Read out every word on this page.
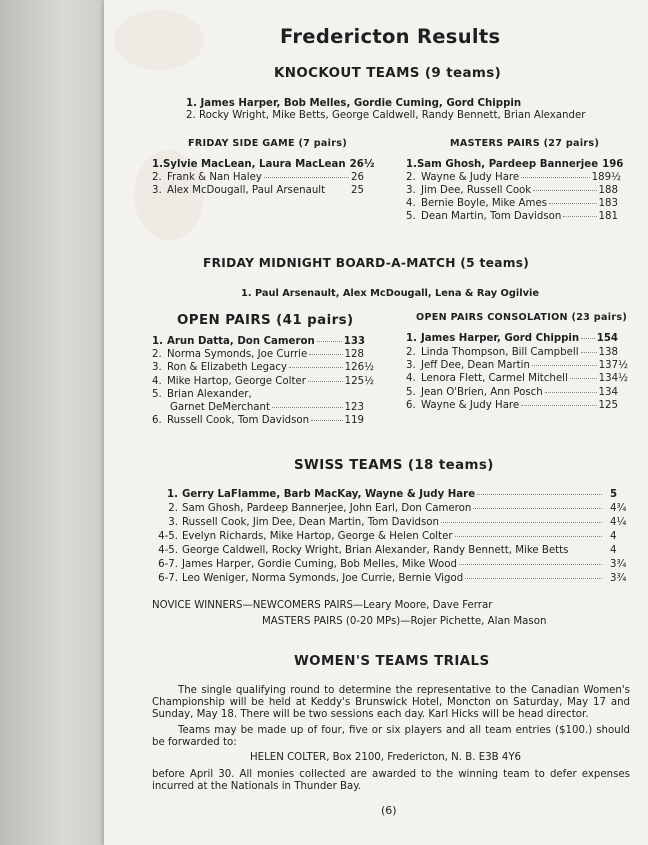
Fredericton Results
KNOCKOUT TEAMS (9 teams)
1. James Harper, Bob Melles, Gordie Cuming, Gord Chippin
2. Rocky Wright, Mike Betts, George Caldwell, Randy Bennett, Brian Alexander
FRIDAY SIDE GAME (7 pairs)
1. Sylvie MacLean, Laura MacLean 26½
2. Frank & Nan Haley	26
3. Alex McDougall, Paul Arsenault	25
MASTERS PAIRS (27 pairs)
1. Sam Ghosh, Pardeep Bannerjee 196
2. Wayne & Judy Hare	189½
3. Jim Dee, Russell Cook	188
4. Bernie Boyle, Mike Ames	183
5. Dean Martin, Tom Davidson	181
FRIDAY MIDNIGHT BOARD-A-MATCH (5 teams)
1. Paul Arsenault, Alex McDougall, Lena & Ray Ogilvie
OPEN PAIRS (41 pairs)
1. Arun Datta, Don Cameron	133
2. Norma Symonds, Joe Currie	128
3. Ron & Elizabeth Legacy	126½
4. Mike Hartop, George Colter	125½
5. Brian Alexander,
Garnet DeMerchant	123
6. Russell Cook, Tom Davidson	119
OPEN PAIRS CONSOLATION (23 pairs)
1. James Harper, Gord Chippin 154
2. Linda Thompson, Bill Campbell 138
3. Jeff Dee, Dean Martin	137½
4. Lenora Flett, Carmel Mitchell	134½
5. Jean O'Brien, Ann Posch	134
6. Wayne & Judy Hare	125
SWISS TEAMS (18 teams)
1. Gerry LaFlamme, Barb MacKay, Wayne & Judy Hare	5
2. Sam Ghosh, Pardeep Bannerjee, John Earl, Don Cameron	4¾
3. Russell Cook, Jim Dee, Dean Martin, Tom Davidson	4¼
4-5. Evelyn Richards, Mike Hartop, George & Helen Colter	4
4-5. George Caldwell, Rocky Wright, Brian Alexander, Randy Bennett, Mike Betts	4
6-7. James Harper, Gordie Cuming, Bob Melles, Mike Wood	3¾
6-7. Leo Weniger, Norma Symonds, Joe Currie, Bernie Vigod	3¾
NOVICE WINNERS—NEWCOMERS PAIRS—Leary Moore, Dave Ferrar
MASTERS PAIRS (0-20 MPs)—Rojer Pichette, Alan Mason
WOMEN'S TEAMS TRIALS
The single qualifying round to determine the representative to the Canadian Women's Championship will be held at Keddy's Brunswick Hotel, Moncton on Saturday, May 17 and Sunday, May 18. There will be two sessions each day. Karl Hicks will be head director.
Teams may be made up of four, five or six players and all team entries ($100.) should be forwarded to:
HELEN COLTER, Box 2100, Fredericton, N. B. E3B 4Y6
before April 30. All monies collected are awarded to the winning team to defer expenses incurred at the Nationals in Thunder Bay.
(6)
